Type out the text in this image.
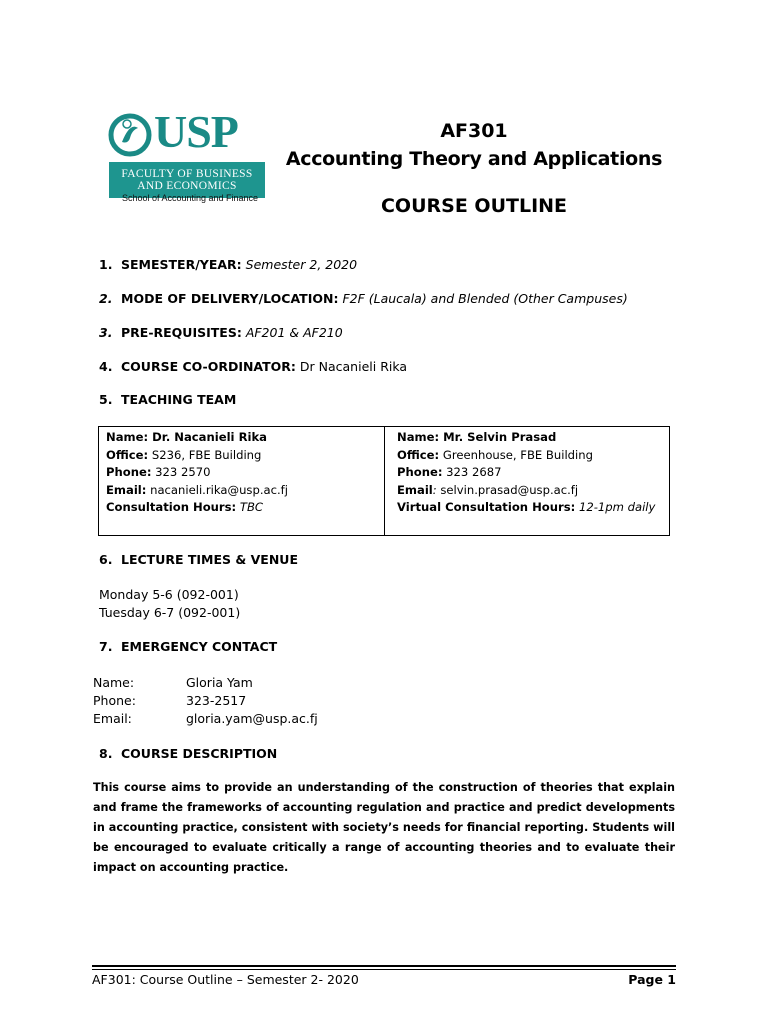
USP
FACULTY OF BUSINESS
AND ECONOMICS
School of Accounting and Finance
AF301
Accounting Theory and Applications
COURSE OUTLINE
1. SEMESTER/YEAR: Semester 2, 2020
2. MODE OF DELIVERY/LOCATION: F2F (Laucala) and Blended (Other Campuses)
3. PRE-REQUISITES: AF201 & AF210
4. COURSE CO-ORDINATOR: Dr Nacanieli Rika
5. TEACHING TEAM
Name: Dr. Nacanieli Rika
Office: S236, FBE Building
Phone: 323 2570
Email: nacanieli.rika@usp.ac.fj
Consultation Hours: TBC
Name: Mr. Selvin Prasad
Office: Greenhouse, FBE Building
Phone: 323 2687
Email: selvin.prasad@usp.ac.fj
Virtual Consultation Hours: 12-1pm daily
6. LECTURE TIMES & VENUE
Monday 5-6 (092-001)
Tuesday 6-7 (092-001)
7. EMERGENCY CONTACT
Name:	Gloria Yam
Phone:	323-2517
Email:	gloria.yam@usp.ac.fj
8. COURSE DESCRIPTION
This course aims to provide an understanding of the construction of theories that explain and frame the frameworks of accounting regulation and practice and predict developments in accounting practice, consistent with society’s needs for financial reporting. Students will be encouraged to evaluate critically a range of accounting theories and to evaluate their impact on accounting practice.
AF301: Course Outline – Semester 2- 2020	Page 1
